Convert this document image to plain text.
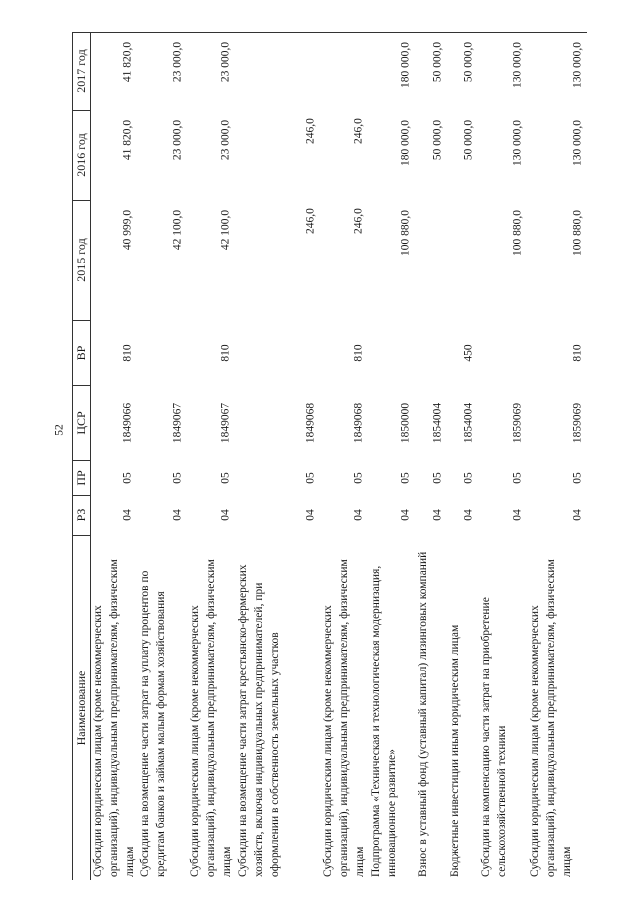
52
Наименование
РЗ
ПР
ЦСР
ВР
2015 год
2016 год
2017 год
Субсидии юридическим лицам (кроме некоммерческих организаций), индивидуальным предпринимателям, физическим лицам
04
05
1849066
810
40 999,0
41 820,0
41 820,0
Субсидии на возмещение части затрат на уплату процентов по кредитам банков и займам малым формам хозяйствования
04
05
1849067
42 100,0
23 000,0
23 000,0
Субсидии юридическим лицам (кроме некоммерческих организаций), индивидуальным предпринимателям, физическим лицам
04
05
1849067
810
42 100,0
23 000,0
23 000,0
Субсидии на возмещение части затрат крестьянско-фермерских хозяйств, включая индивидуальных предпринимателей, при оформлении в собственность земельных участков
04
05
1849068
246,0
246,0
Субсидии юридическим лицам (кроме некоммерческих организаций), индивидуальным предпринимателям, физическим лицам
04
05
1849068
810
246,0
246,0
Подпрограмма «Техническая и технологическая модернизация, инновационное развитие»
04
05
1850000
100 880,0
180 000,0
180 000,0
Взнос в уставный фонд (уставный капитал) лизинговых компаний
04
05
1854004
50 000,0
50 000,0
Бюджетные инвестиции иным юридическим лицам
04
05
1854004
450
50 000,0
50 000,0
Субсидии на компенсацию части затрат на приобретение сельскохозяйственной техники
04
05
1859069
100 880,0
130 000,0
130 000,0
Субсидии юридическим лицам (кроме некоммерческих организаций), индивидуальным предпринимателям, физическим лицам
04
05
1859069
810
100 880,0
130 000,0
130 000,0
